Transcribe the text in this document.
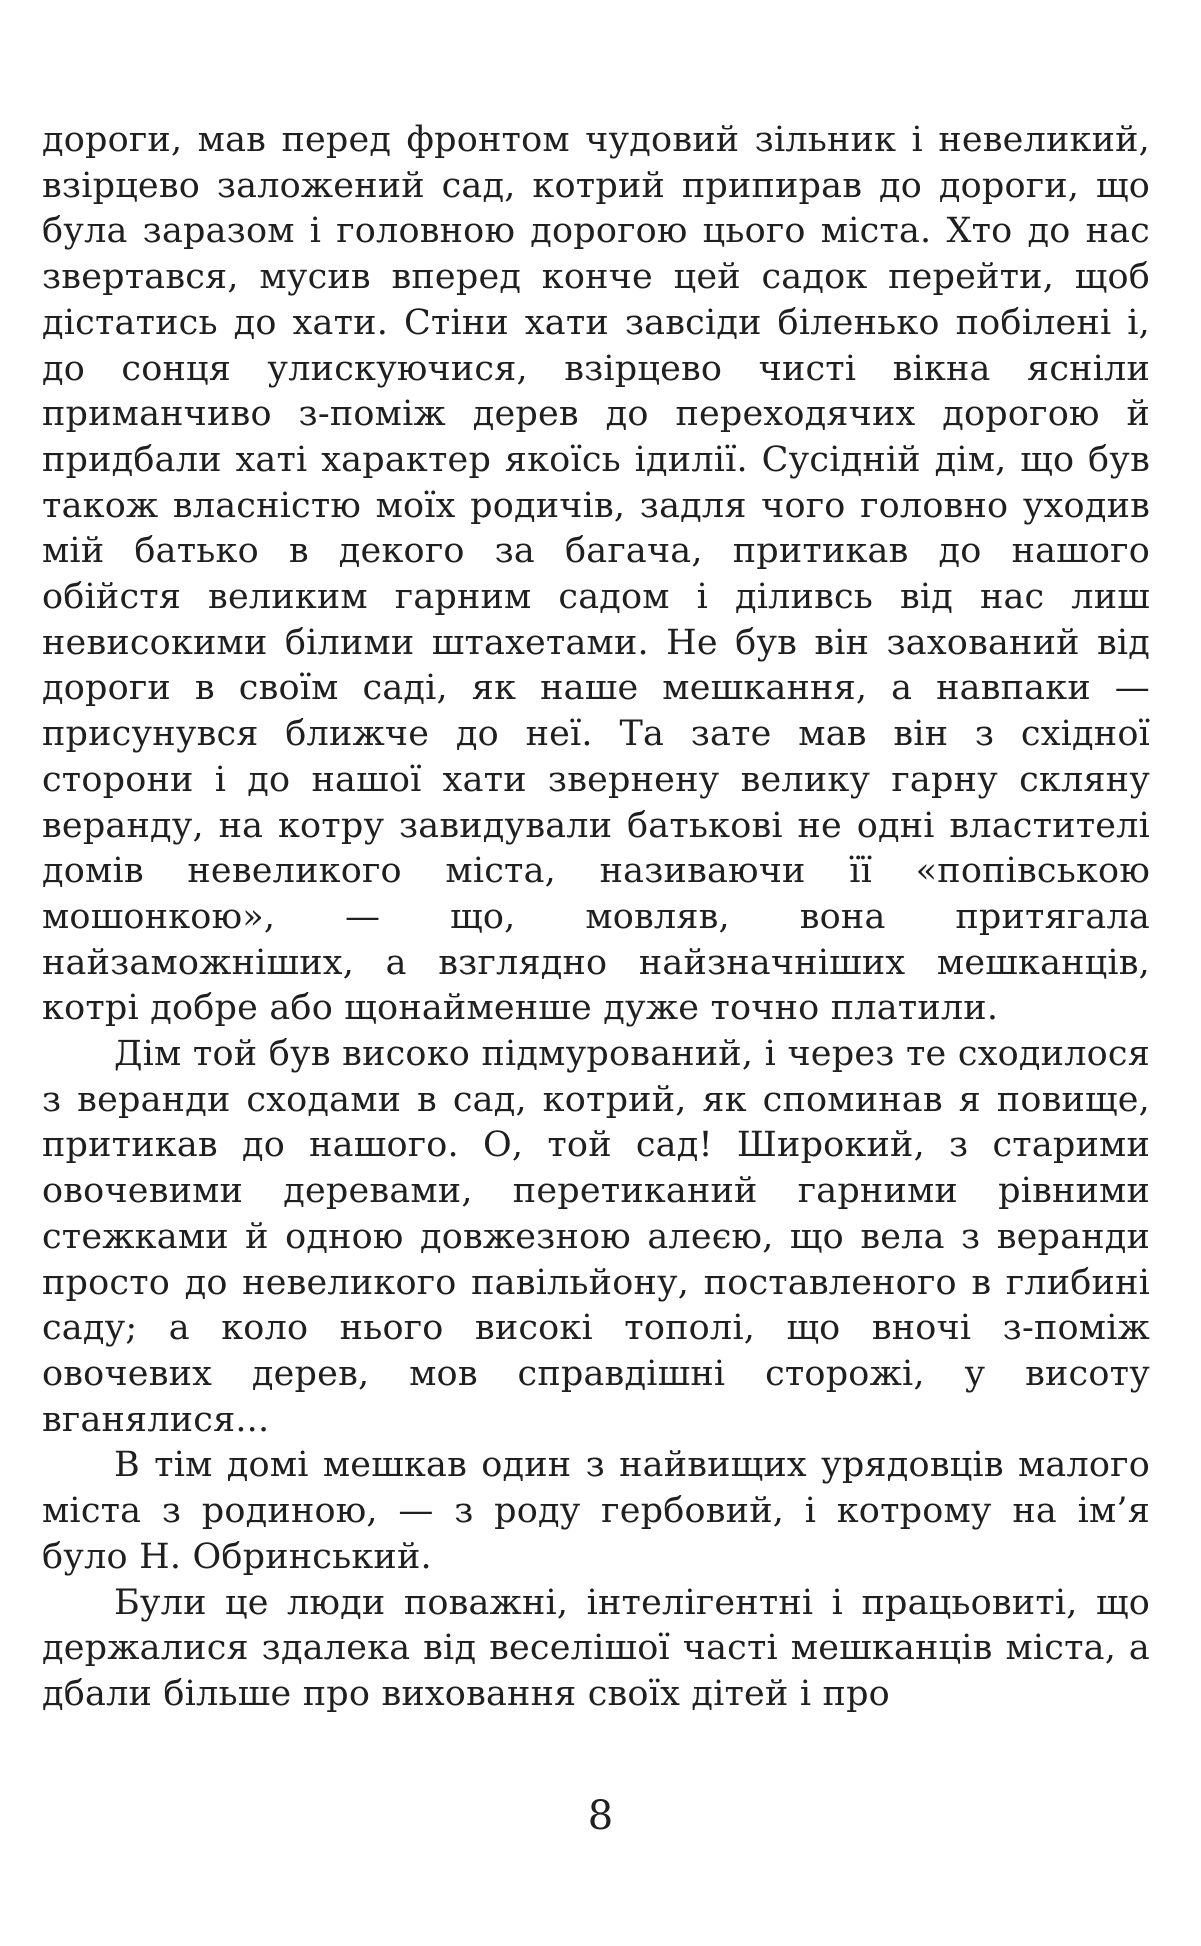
дороги, мав перед фронтом чудовий зільник і невеликий, взірцево заложений сад, котрий припирав до дороги, що була заразом і головною дорогою цього міста. Хто до нас звертався, мусив вперед конче цей садок перейти, щоб дістатись до хати. Стіни хати завсіди біленько побілені і, до сонця улискуючися, взірцево чисті вікна ясніли приманчиво з-поміж дерев до переходячих дорогою й придбали хаті характер якоїсь ідилії. Сусідній дім, що був також власністю моїх родичів, задля чого головно уходив мій батько в декого за багача, притикав до нашого обійстя великим гарним садом і діливсь від нас лиш невисокими білими штахетами. Не був він захований від дороги в своїм саді, як наше мешкання, а навпаки — присунувся ближче до неї. Та зате мав він з східної сторони і до нашої хати звернену велику гарну скляну веранду, на котру завидували батькові не одні властителі домів невеликого міста, називаючи її «попівською мошонкою», — що, мовляв, вона притягала найзаможніших, а взглядно найзначніших мешканців, котрі добре або щонайменше дуже точно платили.

Дім той був високо підмурований, і через те сходилося з веранди сходами в сад, котрий, як споминав я повище, притикав до нашого. О, той сад! Широкий, з старими овочевими деревами, перетиканий гарними рівними стежками й одною довжезною алеєю, що вела з веранди просто до невеликого павільйону, поставленого в глибині саду; а коло нього високі тополі, що вночі з-поміж овочевих дерев, мов справдішні сторожі, у висоту вганялися...

В тім домі мешкав один з найвищих урядовців малого міста з родиною, — з роду гербовий, і котрому на ім’я було Н. Обринський.

Були це люди поважні, інтелігентні і працьовиті, що держалися здалека від веселішої часті мешканців міста, а дбали більше про виховання своїх дітей і про

8
